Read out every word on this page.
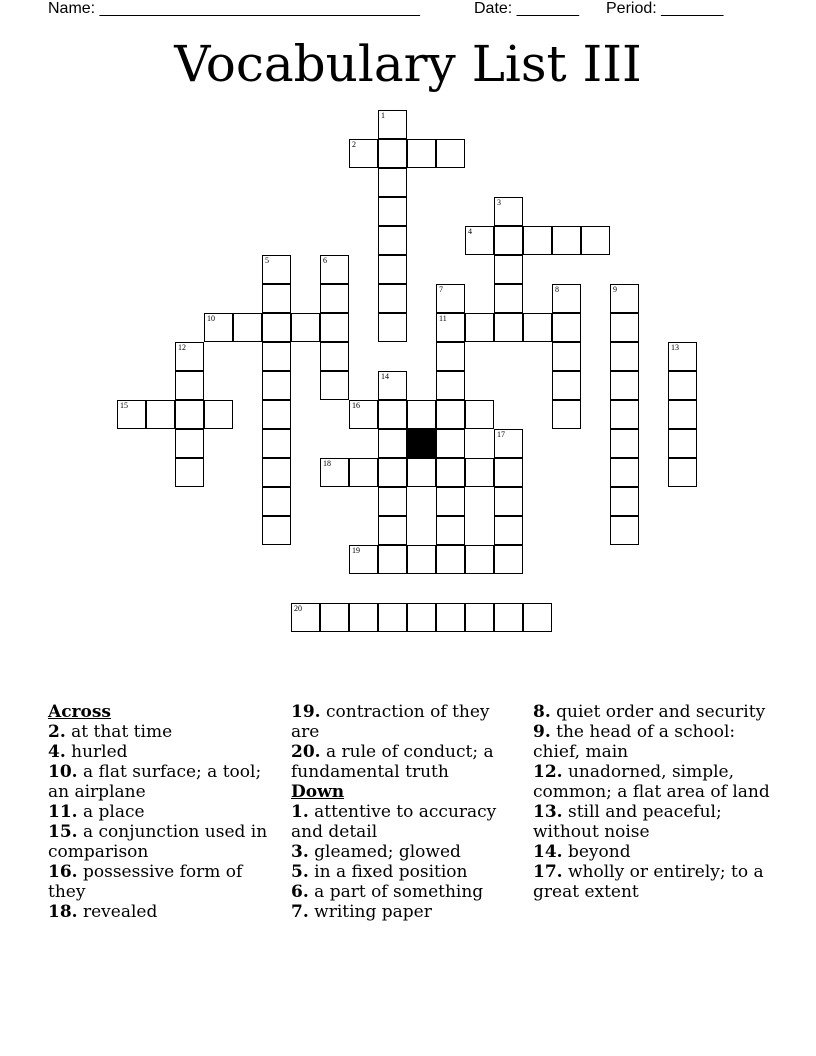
Name: ____________________________________	Date: _______ Period: _______
Vocabulary List III
2
4
10	11
15	16
18
19
20
1
3
5	6
7	8	9
12	13
14
17
Across
2. at that time
4. hurled
10. a flat surface; a tool; an airplane
11. a place
15. a conjunction used in comparison
16. possessive form of they
18. revealed
19. contraction of they are
20. a rule of conduct; a fundamental truth
Down
1. attentive to accuracy and detail
3. gleamed; glowed
5. in a fixed position
6. a part of something
7. writing paper
8. quiet order and security
9. the head of a school: chief, main
12. unadorned, simple, common; a flat area of land
13. still and peaceful; without noise
14. beyond
17. wholly or entirely; to a great extent
